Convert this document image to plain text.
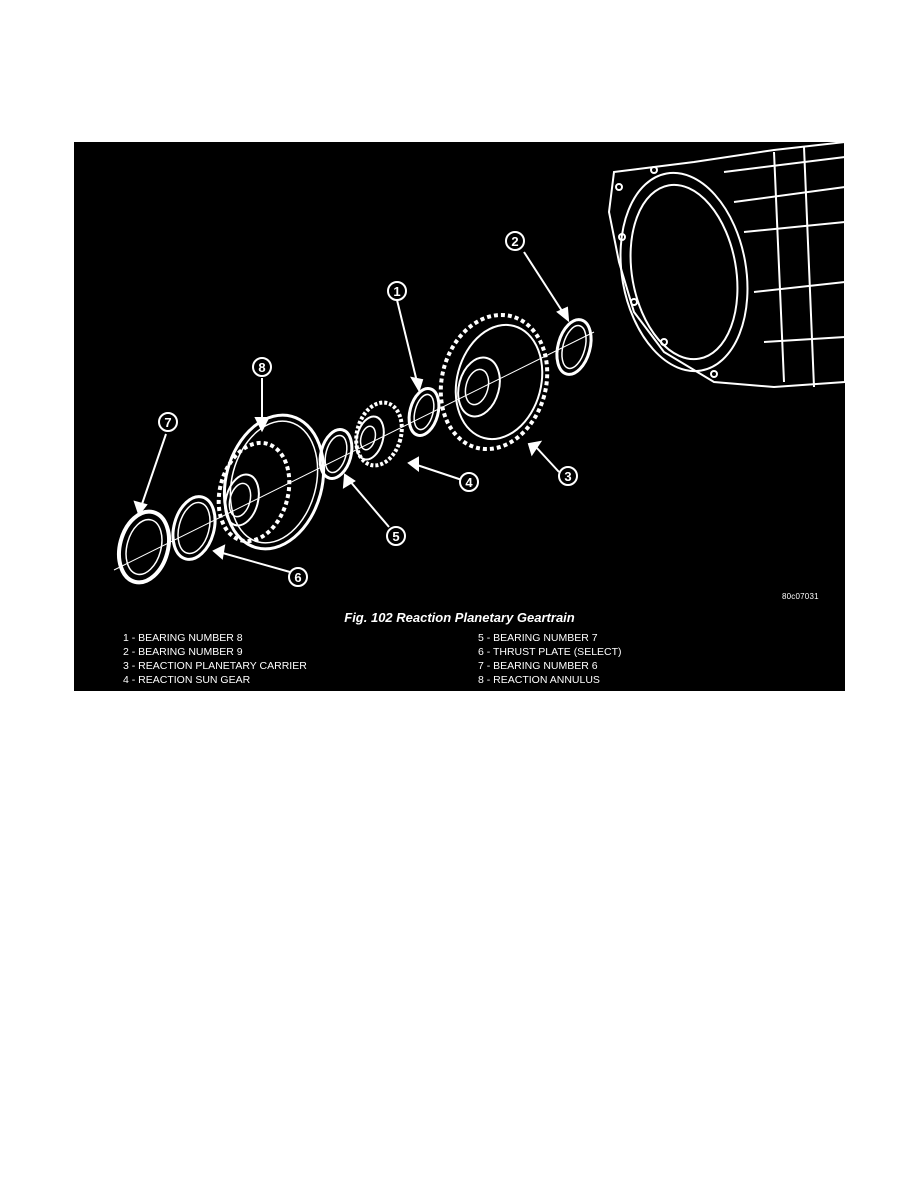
1
2
3
4
5
6
7
8
80c07031
Fig. 102 Reaction Planetary Geartrain
1 - BEARING NUMBER 8
2 - BEARING NUMBER 9
3 - REACTION PLANETARY CARRIER
4 - REACTION SUN GEAR
5 - BEARING NUMBER 7
6 - THRUST PLATE (SELECT)
7 - BEARING NUMBER 6
8 - REACTION ANNULUS
